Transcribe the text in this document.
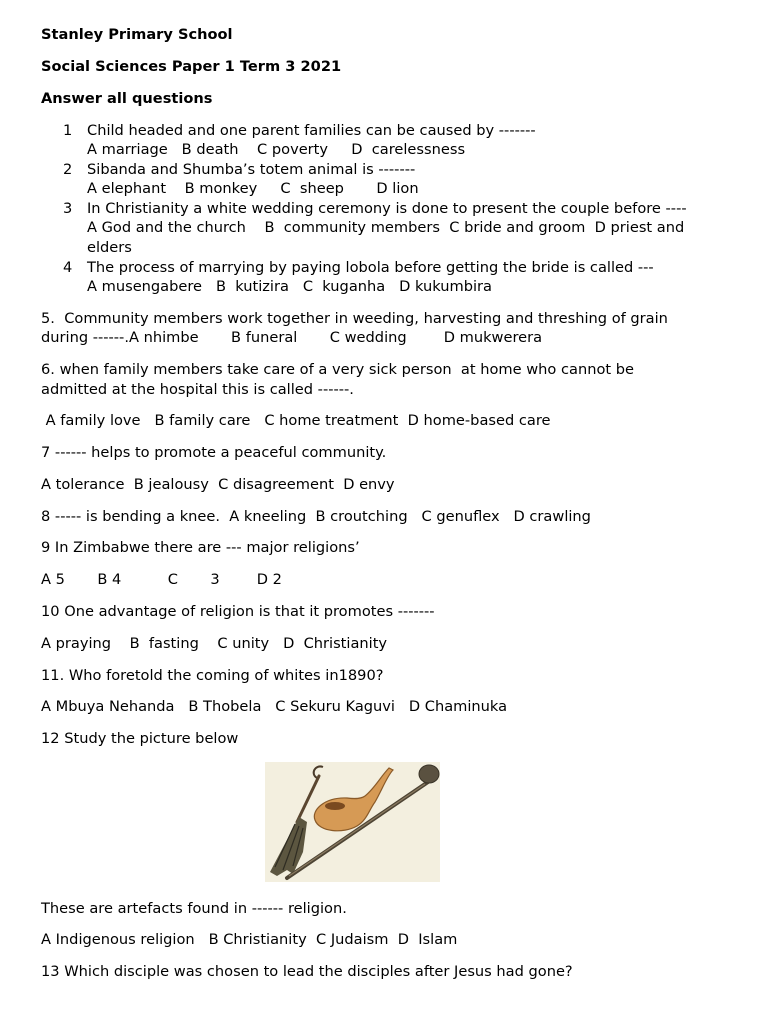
Stanley Primary School
Social Sciences Paper 1 Term 3 2021
Answer all questions
1 Child headed and one parent families can be caused by -------
A marriage   B death    C poverty     D  carelessness
2 Sibanda and Shumba’s totem animal is -------
A elephant    B monkey     C  sheep       D lion
3 In Christianity a white wedding ceremony is done to present the couple before ----
A God and the church    B  community members  C bride and groom  D priest and
elders
4 The process of marrying by paying lobola before getting the bride is called ---
A musengabere   B  kutizira   C  kuganha   D kukumbira
5.  Community members work together in weeding, harvesting and threshing of grain
during ------.A nhimbe       B funeral       C wedding        D mukwerera
6. when family members take care of a very sick person  at home who cannot be
admitted at the hospital this is called ------.
A family love   B family care   C home treatment  D home-based care
7 ------ helps to promote a peaceful community.
A tolerance  B jealousy  C disagreement  D envy
8 ----- is bending a knee.  A kneeling  B croutching   C genuflex   D crawling
9 In Zimbabwe there are --- major religions’
A 5       B 4          C       3        D 2
10 One advantage of religion is that it promotes -------
A praying    B  fasting    C unity   D  Christianity
11. Who foretold the coming of whites in1890?
A Mbuya Nehanda   B Thobela   C Sekuru Kaguvi   D Chaminuka
12 Study the picture below
These are artefacts found in ------ religion.
A Indigenous religion   B Christianity  C Judaism  D  Islam
13 Which disciple was chosen to lead the disciples after Jesus had gone?
